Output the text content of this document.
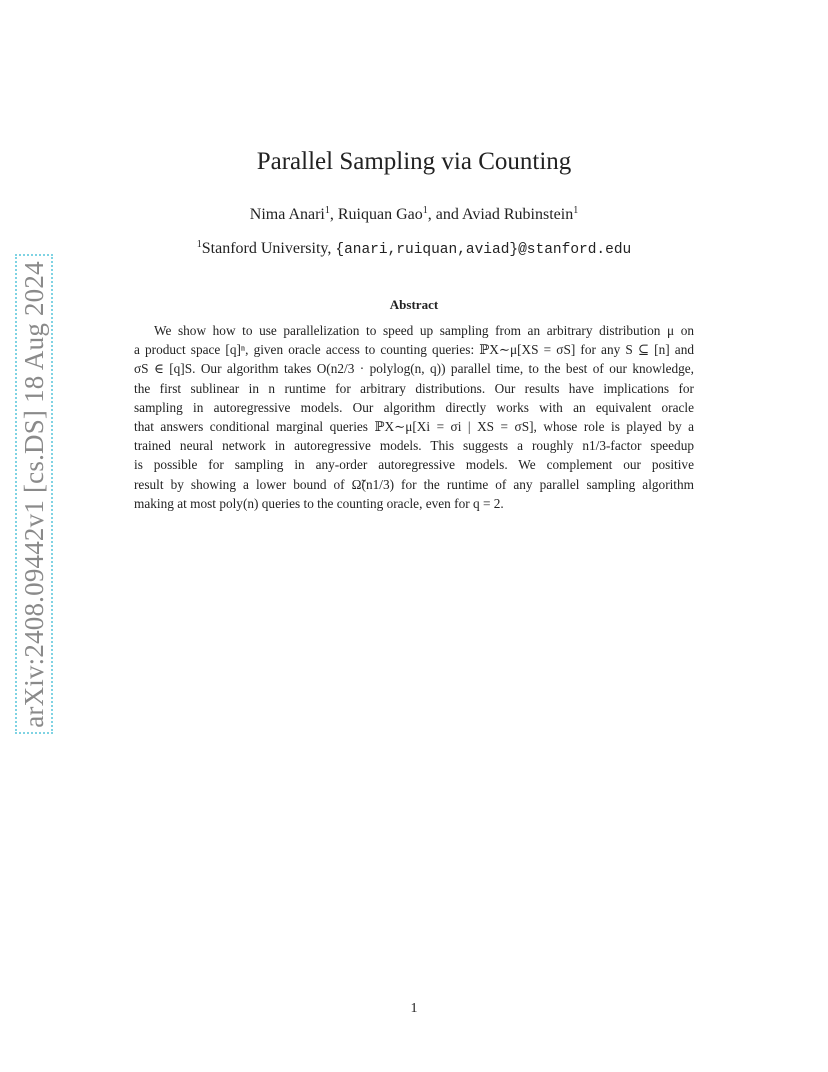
arXiv:2408.09442v1 [cs.DS] 18 Aug 2024
Parallel Sampling via Counting
Nima Anari$^1$, Ruiquan Gao$^1$, and Aviad Rubinstein$^1$
$^1$Stanford University, {anari,ruiquan,aviad}@stanford.edu
Abstract

We show how to use parallelization to speed up sampling from an arbitrary distribution μ on
a product space [q]ⁿ, given oracle access to counting queries: ℙX∼μ[XS = σS] for any S ⊆ [n] and
σS ∈ [q]S. Our algorithm takes O(n2/3 · polylog(n, q)) parallel time, to the best of our knowledge,
the first sublinear in n runtime for arbitrary distributions. Our results have implications for
sampling in autoregressive models. Our algorithm directly works with an equivalent oracle
that answers conditional marginal queries ℙX∼μ[Xi = σi | XS = σS], whose role is played by a
trained neural network in autoregressive models. This suggests a roughly n1/3-factor speedup
is possible for sampling in any-order autoregressive models. We complement our positive
result by showing a lower bound of Ω̃(n1/3) for the runtime of any parallel sampling algorithm
making at most poly(n) queries to the counting oracle, even for q = 2.

1
